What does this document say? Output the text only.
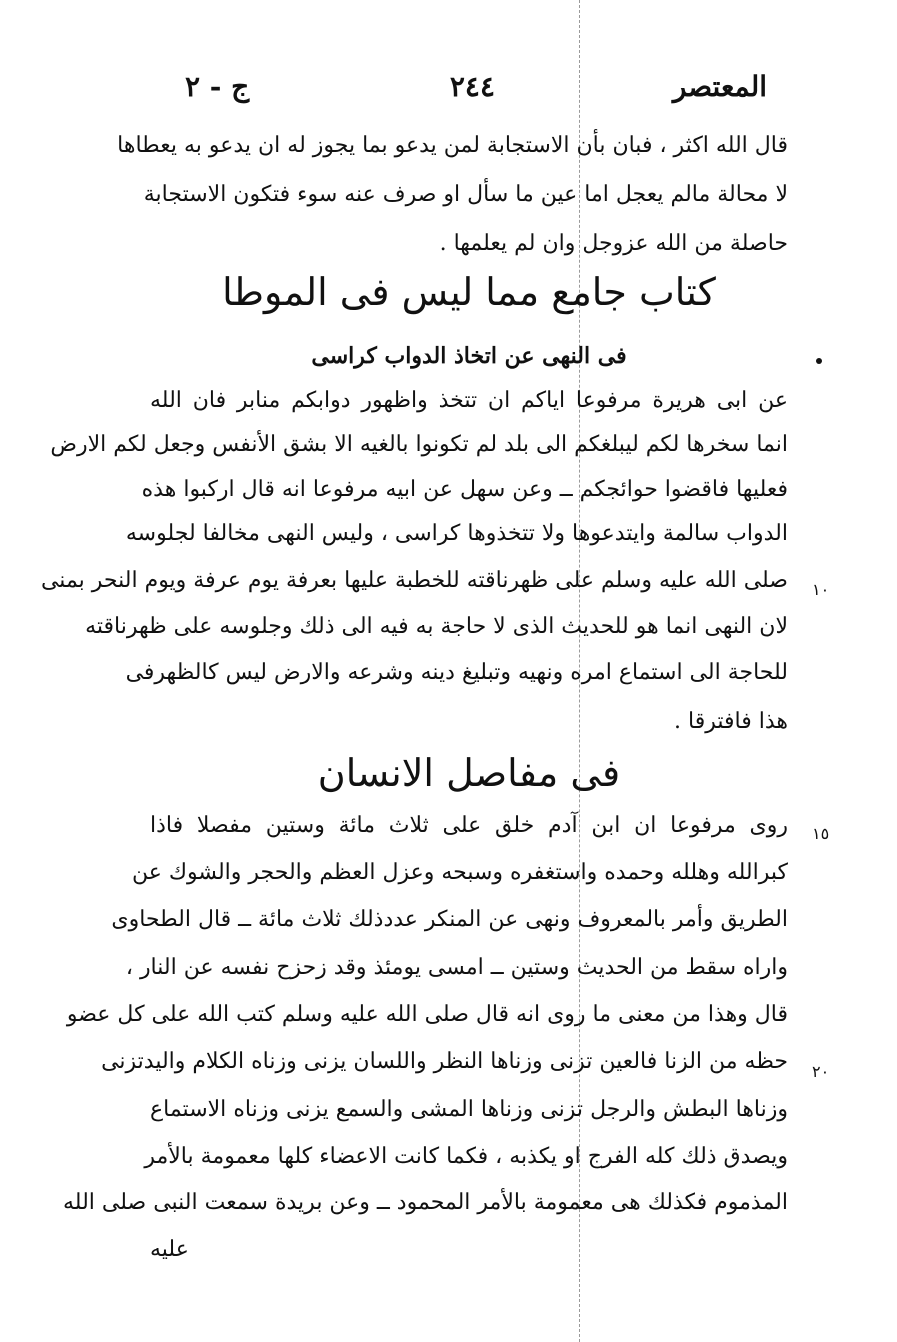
المعتصر
٢٤٤
ج - ٢
قال الله اكثر ، فبان بأن الاستجابة لمن يدعو بما يجوز له ان يدعو به يعطاها
لا محالة مالم يعجل اما عين ما سأل او صرف عنه سوء فتكون الاستجابة
حاصلة من الله عزوجل وان لم يعلمها .
كتاب جامع مما ليس فى الموطا
فى النهى عن اتخاذ الدواب كراسى
عن ابى هريرة مرفوعا اياكم ان تتخذ واظهور دوابكم منابر فان الله
انما سخرها لكم ليبلغكم الى بلد لم تكونوا بالغيه الا بشق الأنفس وجعل لكم الارض
فعليها فاقضوا حوائجكم ــ وعن سهل عن ابيه مرفوعا انه قال اركبوا هذه
الدواب سالمة وايتدعوها ولا تتخذوها كراسى ، وليس النهى مخالفا لجلوسه
صلى الله عليه وسلم على ظهرناقته للخطبة عليها بعرفة يوم عرفة ويوم النحر بمنى ١٠
لان النهى انما هو للحديث الذى لا حاجة به فيه الى ذلك وجلوسه على ظهرناقته
للحاجة الى استماع امره ونهيه وتبليغ دينه وشرعه والارض ليس كالظهرفى
هذا فافترقا .
فى مفاصل الانسان
روى مرفوعا ان ابن آدم خلق على ثلاث مائة وستين مفصلا فاذا ١٥
كبرالله وهلله وحمده واستغفره وسبحه وعزل العظم والحجر والشوك عن
الطريق وأمر بالمعروف ونهى عن المنكر عددذلك ثلاث مائة ــ قال الطحاوى
واراه سقط من الحديث وستين ــ امسى يومئذ وقد زحزح نفسه عن النار ،
قال وهذا من معنى ما روى انه قال صلى الله عليه وسلم كتب الله على كل عضو
حظه من الزنا فالعين تزنى وزناها النظر واللسان يزنى وزناه الكلام واليدتزنى ٢٠
وزناها البطش والرجل تزنى وزناها المشى والسمع يزنى وزناه الاستماع
ويصدق ذلك كله الفرج او يكذبه ، فكما كانت الاعضاء كلها معمومة بالأمر
المذموم فكذلك هى معمومة بالأمر المحمود ــ وعن بريدة سمعت النبى صلى الله
عليه
